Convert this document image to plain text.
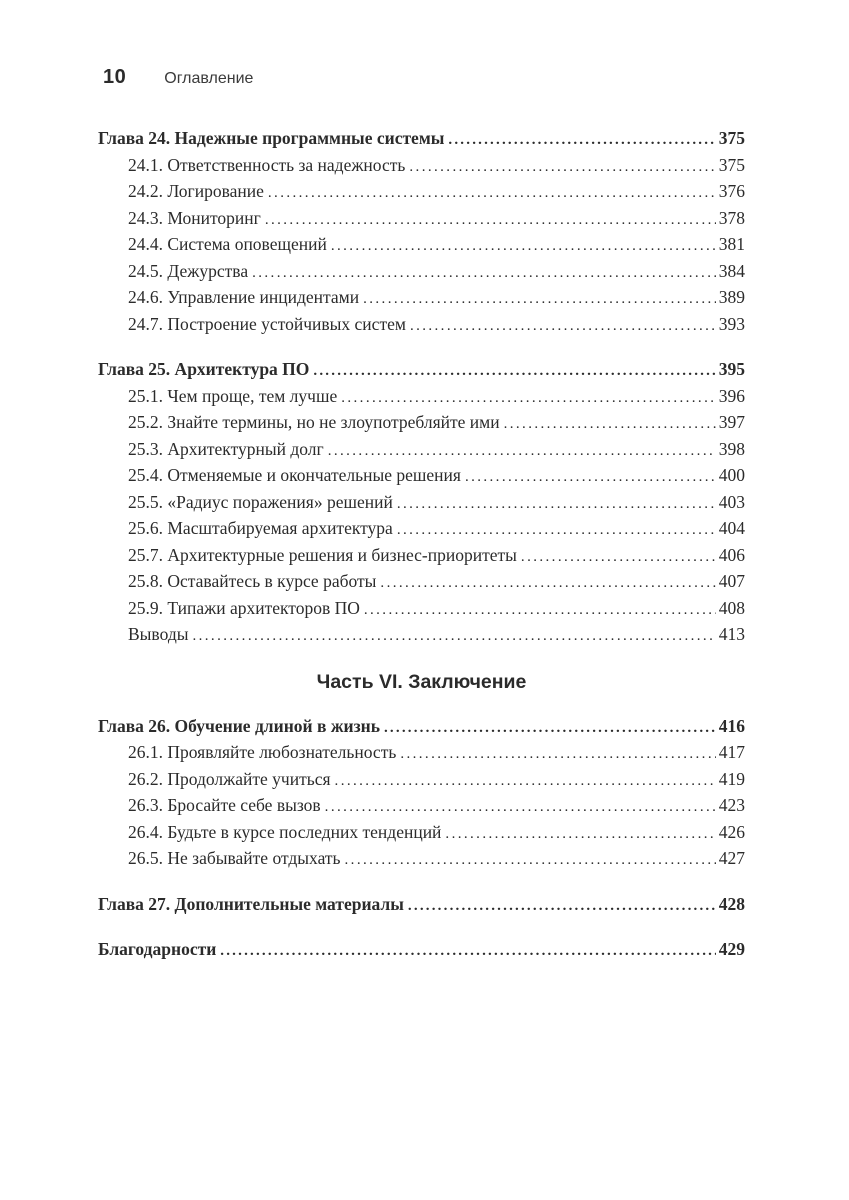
10 Оглавление
Глава 24. Надежные программные системы .....	375
24.1. Ответственность за надежность .....	375
24.2. Логирование .....	376
24.3. Мониторинг .....	378
24.4. Система оповещений .....	381
24.5. Дежурства .....	384
24.6. Управление инцидентами .....	389
24.7. Построение устойчивых систем .....	393
Глава 25. Архитектура ПО .....	395
25.1. Чем проще, тем лучше .....	396
25.2. Знайте термины, но не злоупотребляйте ими .....	397
25.3. Архитектурный долг .....	398
25.4. Отменяемые и окончательные решения .....	400
25.5. «Радиус поражения» решений .....	403
25.6. Масштабируемая архитектура .....	404
25.7. Архитектурные решения и бизнес-приоритеты .....	406
25.8. Оставайтесь в курсе работы .....	407
25.9. Типажи архитекторов ПО .....	408
Выводы .....	413
Часть VI. Заключение
Глава 26. Обучение длиной в жизнь .....	416
26.1. Проявляйте любознательность .....	417
26.2. Продолжайте учиться .....	419
26.3. Бросайте себе вызов .....	423
26.4. Будьте в курсе последних тенденций .....	426
26.5. Не забывайте отдыхать .....	427
Глава 27. Дополнительные материалы .....	428
Благодарности .....	429
